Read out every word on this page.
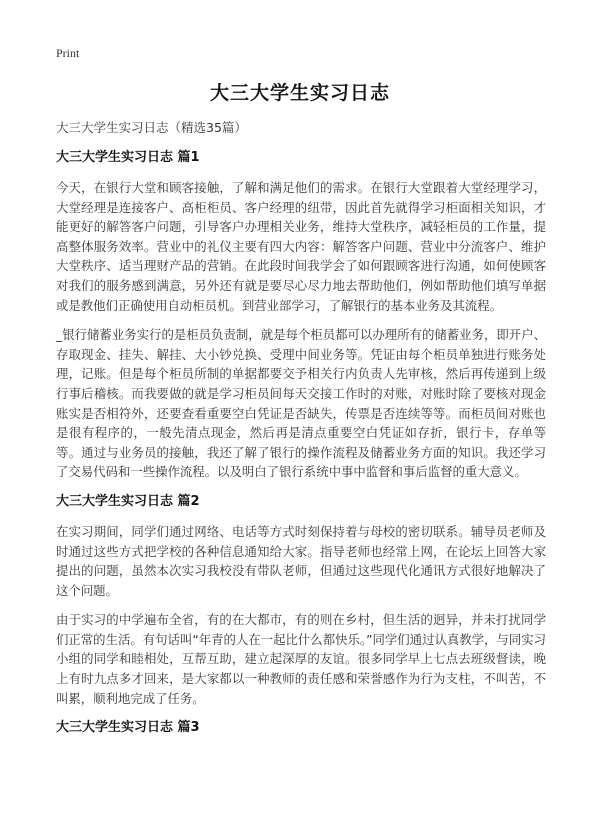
Print
大三大学生实习日志

大三大学生实习日志（精选35篇）

大三大学生实习日志 篇1

今天，在银行大堂和顾客接触，了解和满足他们的需求。在银行大堂跟着大堂经理学习，大堂经理是连接客户、高柜柜员、客户经理的纽带，因此首先就得学习柜面相关知识，才能更好的解答客户问题，引导客户办理相关业务，维持大堂秩序，减轻柜员的工作量，提高整体服务效率。营业中的礼仪主要有四大内容：解答客户问题、营业中分流客户、维护大堂秩序、适当理财产品的营销。在此段时间我学会了如何跟顾客进行沟通，如何使顾客对我们的服务感到满意，另外还有就是要尽心尽力地去帮助他们，例如帮助他们填写单据或是教他们正确使用自动柜员机。到营业部学习，了解银行的基本业务及其流程。

_银行储蓄业务实行的是柜员负责制，就是每个柜员都可以办理所有的储蓄业务，即开户、存取现金、挂失、解挂、大小钞兑换、受理中间业务等。凭证由每个柜员单独进行账务处理，记账。但是每个柜员所制的单据都要交予相关行内负责人先审核，然后再传递到上级行事后稽核。而我要做的就是学习柜员间每天交接工作时的对账，对账时除了要核对现金账实是否相符外，还要查看重要空白凭证是否缺失，传票是否连续等等。而柜员间对账也是很有程序的，一般先清点现金，然后再是清点重要空白凭证如存折，银行卡，存单等等。通过与业务员的接触，我还了解了银行的操作流程及储蓄业务方面的知识。我还学习了交易代码和一些操作流程。以及明白了银行系统中事中监督和事后监督的重大意义。

大三大学生实习日志 篇2

在实习期间，同学们通过网络、电话等方式时刻保持着与母校的密切联系。辅导员老师及时通过这些方式把学校的各种信息通知给大家。指导老师也经常上网，在论坛上回答大家提出的问题，虽然本次实习我校没有带队老师，但通过这些现代化通讯方式很好地解决了这个问题。

由于实习的中学遍布全省，有的在大都市，有的则在乡村，但生活的迥异，并未打扰同学们正常的生活。有句话叫“年青的人在一起比什么都快乐。”同学们通过认真教学，与同实习小组的同学和睦相处，互帮互助，建立起深厚的友谊。很多同学早上七点去班级督读，晚上有时九点多才回来，是大家都以一种教师的责任感和荣誉感作为行为支柱，不叫苦，不叫累，顺利地完成了任务。

大三大学生实习日志 篇3
